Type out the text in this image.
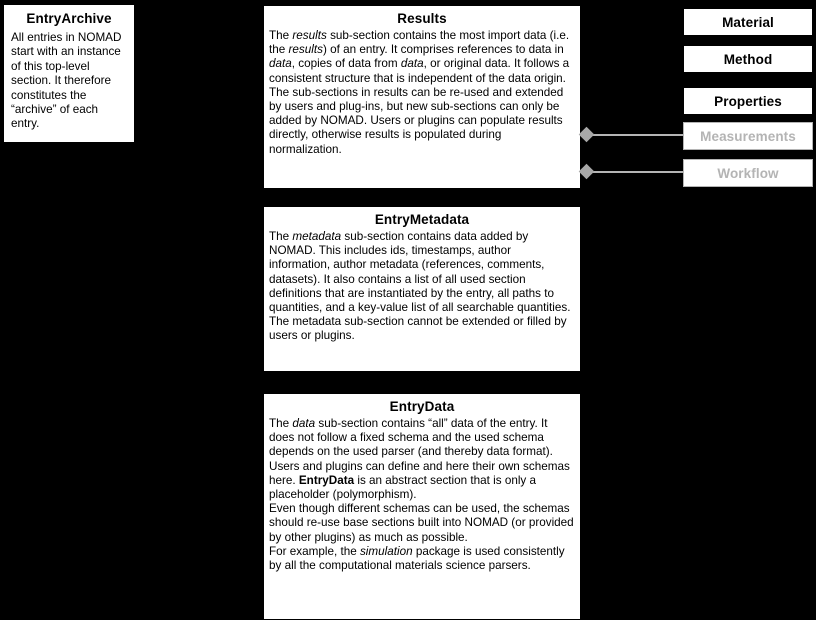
EntryArchive
All entries in NOMAD start with an instance of this top-level section. It therefore constitutes the “archive” of each entry.
Results
The results sub-section contains the most import data (i.e. the results) of an entry. It comprises references to data in data, copies of data from data, or original data. It follows a consistent structure that is independent of the data origin.
The sub-sections in results can be re-used and extended by users and plug-ins, but new sub-sections can only be added by NOMAD. Users or plugins can populate results directly, otherwise results is populated during normalization.
EntryMetadata
The metadata sub-section contains data added by NOMAD. This includes ids, timestamps, author information, author metadata (references, comments, datasets). It also contains a list of all used section definitions that are instantiated by the entry, all paths to quantities, and a key-value list of all searchable quantities.
The metadata sub-section cannot be extended or filled by users or plugins.
EntryData
The data sub-section contains “all” data of the entry. It does not follow a fixed schema and the used schema depends on the used parser (and thereby data format). Users and plugins can define and here their own schemas here. EntryData is an abstract section that is only a placeholder (polymorphism).
Even though different schemas can be used, the schemas should re-use base sections built into NOMAD (or provided by other plugins) as much as possible.
For example, the simulation package is used consistently by all the computational materials science parsers.
Material
Method
Properties
Measurements
Workflow
